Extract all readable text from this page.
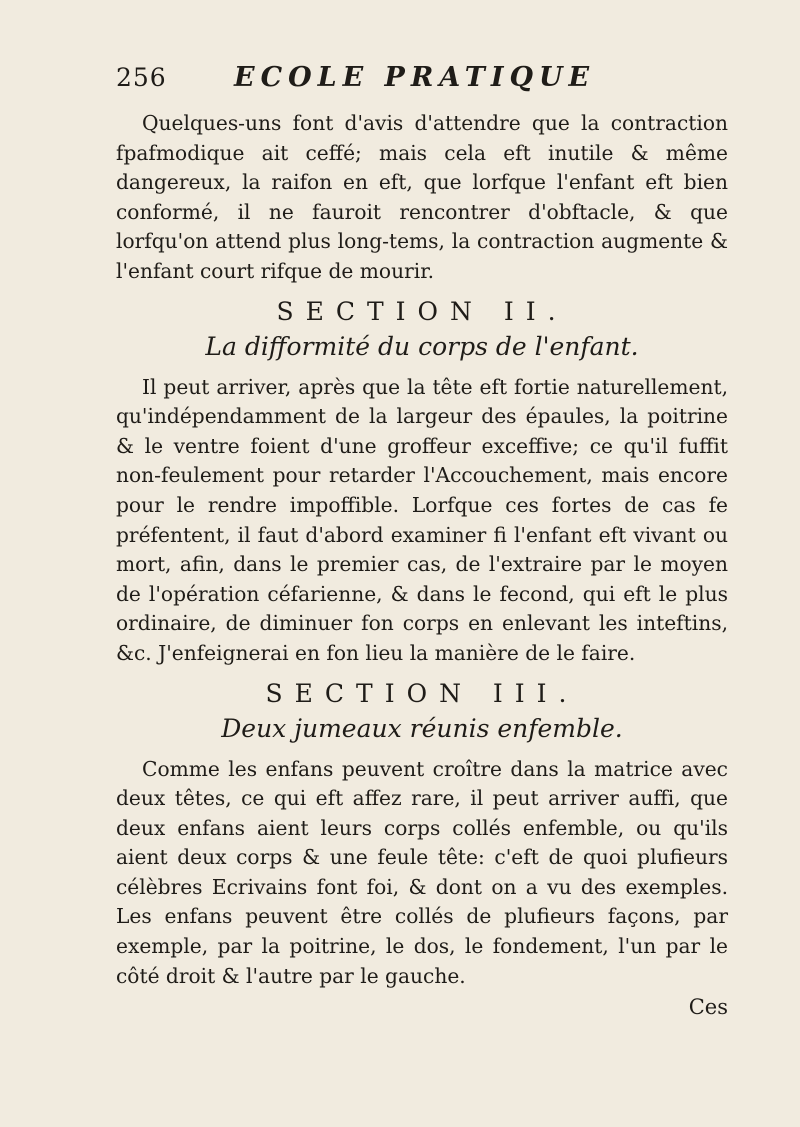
256	ECOLE PRATIQUE

Quelques-uns font d'avis d'attendre que la contraction fpafmodique ait ceffé; mais cela eft inutile & même dangereux, la raifon en eft, que lorfque l'enfant eft bien conformé, il ne fauroit rencontrer d'obftacle, & que lorfqu'on attend plus long-tems, la contraction augmente & l'enfant court rifque de mourir.

SECTION II.
La difformité du corps de l'enfant.

Il peut arriver, après que la tête eft fortie naturellement, qu'indépendamment de la largeur des épaules, la poitrine & le ventre foient d'une groffeur exceffive; ce qu'il fuffit non-feulement pour retarder l'Accouchement, mais encore pour le rendre impoffible. Lorfque ces fortes de cas fe préfentent, il faut d'abord examiner fi l'enfant eft vivant ou mort, afin, dans le premier cas, de l'extraire par le moyen de l'opération céfarienne, & dans le fecond, qui eft le plus ordinaire, de diminuer fon corps en enlevant les inteftins, &c. J'enfeignerai en fon lieu la manière de le faire.

SECTION III.
Deux jumeaux réunis enfemble.

Comme les enfans peuvent croître dans la matrice avec deux têtes, ce qui eft affez rare, il peut arriver auffi, que deux enfans aient leurs corps collés enfemble, ou qu'ils aient deux corps & une feule tête: c'eft de quoi plufieurs célèbres Ecrivains font foi, & dont on a vu des exemples. Les enfans peuvent être collés de plufieurs façons, par exemple, par la poitrine, le dos, le fondement, l'un par le côté droit & l'autre par le gauche.

Ces
